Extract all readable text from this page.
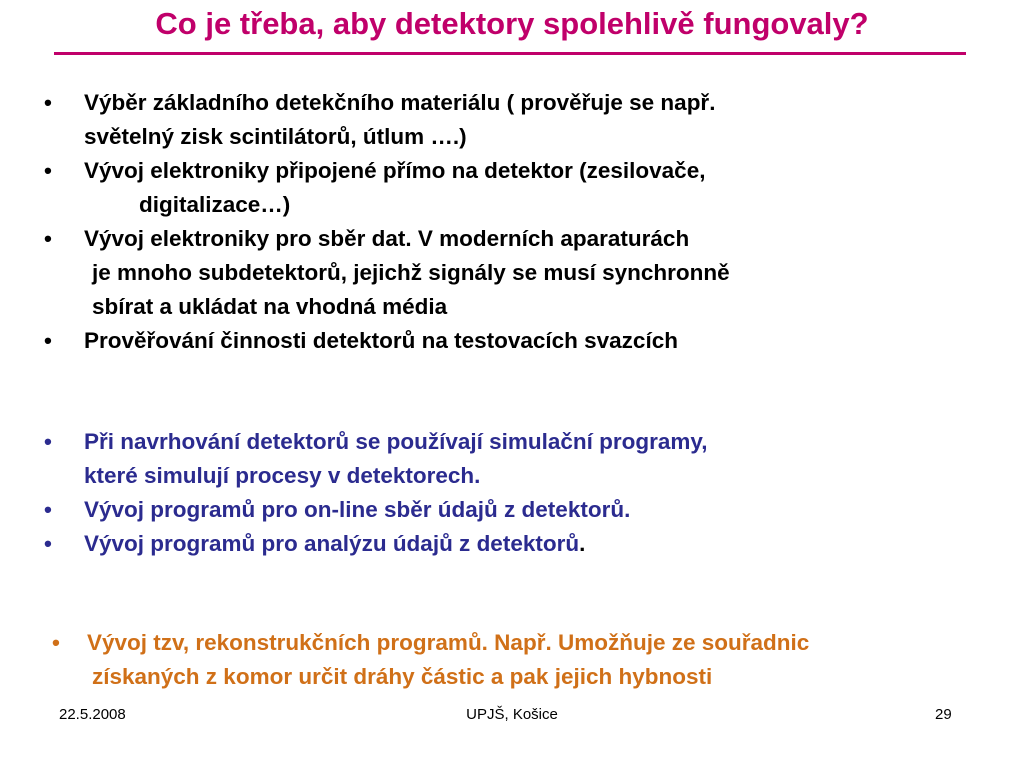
Co je třeba, aby detektory spolehlivě fungovaly?
•	Výběr základního detekčního materiálu ( prověřuje se např.
světelný zisk scintilátorů, útlum ….)
•	Vývoj elektroniky připojené přímo na detektor (zesilovače,
digitalizace…)
•	Vývoj elektroniky pro sběr dat. V moderních aparaturách
je mnoho subdetektorů, jejichž signály se musí synchronně
sbírat a ukládat na vhodná média
•	Prověřování činnosti detektorů na testovacích svazcích
•	Při navrhování detektorů se používají simulační programy,
které simulují procesy v detektorech.
•	Vývoj programů pro on-line sběr údajů z detektorů.
•	Vývoj programů pro analýzu údajů z detektorů.
•	Vývoj tzv, rekonstrukčních programů. Např. Umožňuje ze souřadnic
získaných z komor určit dráhy částic a pak jejich hybnosti
22.5.2008	UPJŠ, Košice	29
